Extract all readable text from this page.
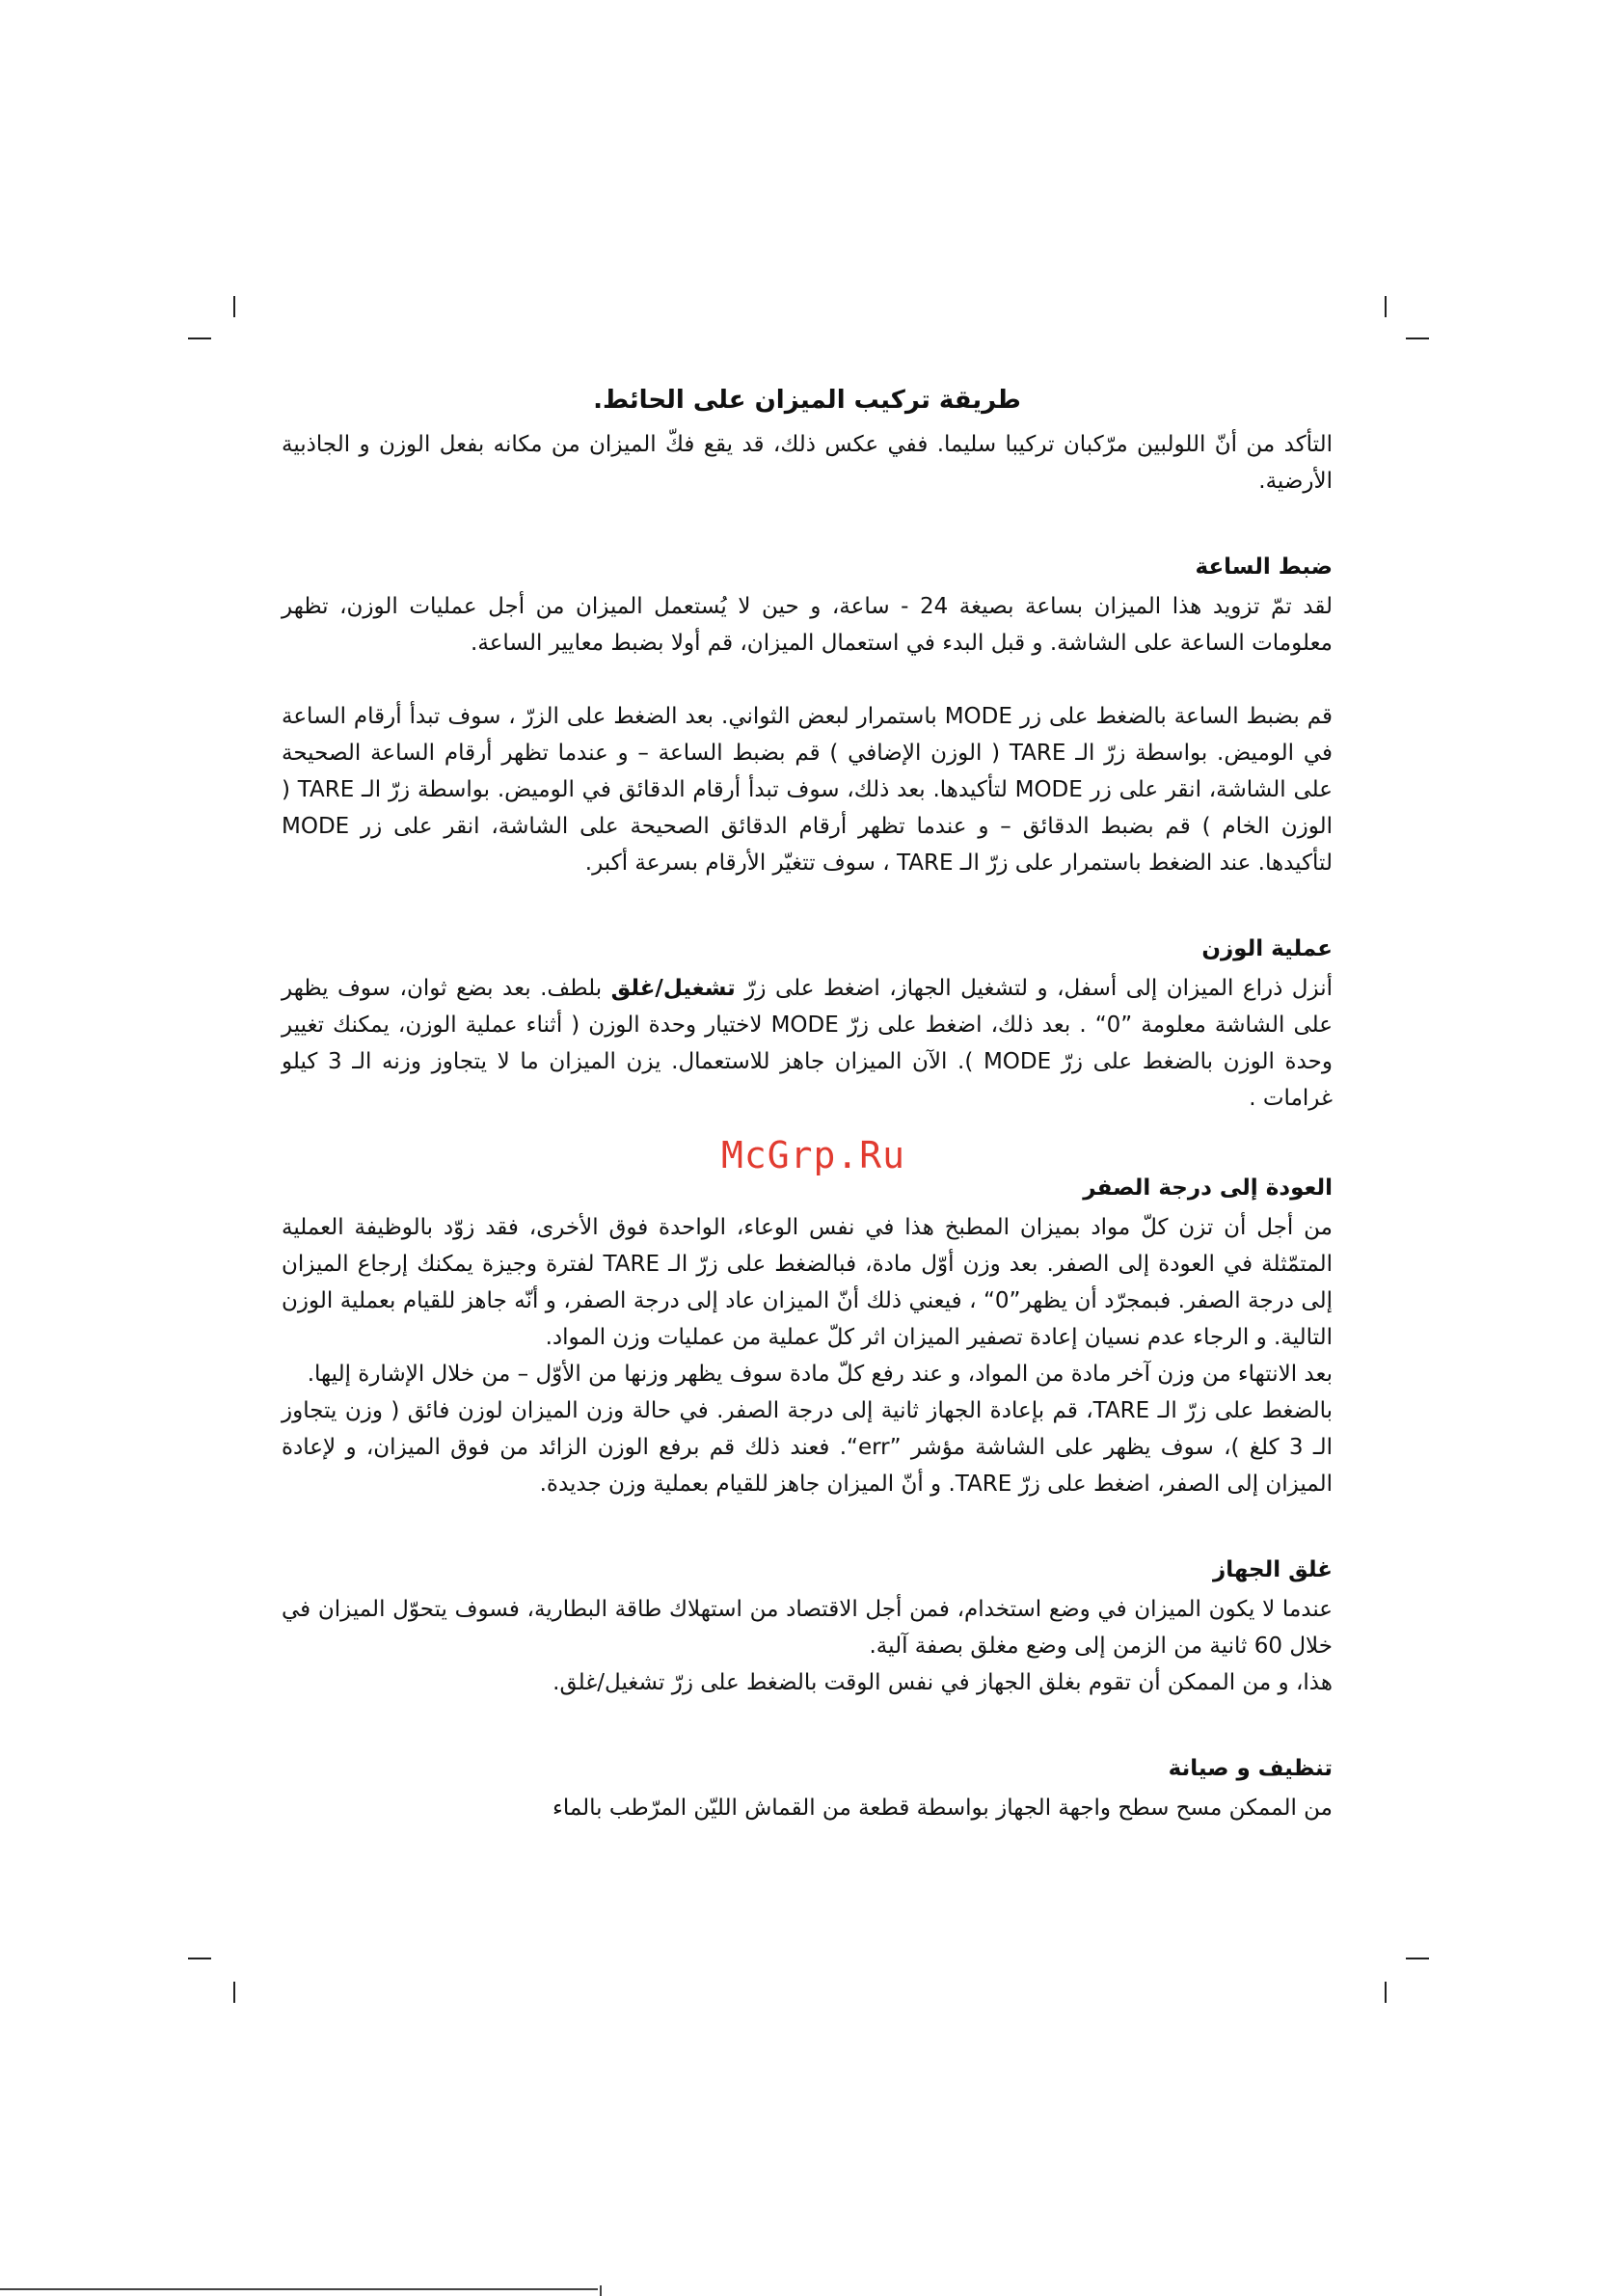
طريقة تركيب الميزان على الحائط.

التأكد من أنّ اللولبين مرّكبان تركيبا سليما. ففي عكس ذلك، قد يقع فكّ الميزان من مكانه بفعل الوزن و الجاذبية الأرضية.

ضبط الساعة

لقد تمّ تزويد هذا الميزان بساعة بصيغة 24 - ساعة، و حين لا يُستعمل الميزان من أجل عمليات الوزن، تظهر معلومات الساعة على الشاشة. و قبل البدء في استعمال الميزان، قم أولا بضبط معايير الساعة.

قم بضبط الساعة بالضغط على زر MODE باستمرار لبعض الثواني. بعد الضغط على الزرّ ، سوف تبدأ أرقام الساعة في الوميض. بواسطة زرّ الـ TARE ( الوزن الإضافي ) قم بضبط الساعة – و عندما تظهر أرقام الساعة الصحيحة على الشاشة، انقر على زر MODE لتأكيدها. بعد ذلك، سوف تبدأ أرقام الدقائق في الوميض. بواسطة زرّ الـ TARE ( الوزن الخام ) قم بضبط الدقائق – و عندما تظهر أرقام الدقائق الصحيحة على الشاشة، انقر على زر MODE لتأكيدها. عند الضغط باستمرار على زرّ الـ TARE ، سوف تتغيّر الأرقام بسرعة أكبر.

عملية الوزن

أنزل ذراع الميزان إلى أسفل، و لتشغيل الجهاز، اضغط على زرّ تشغيل/غلق بلطف. بعد بضع ثوان، سوف يظهر على الشاشة معلومة ”0“ . بعد ذلك، اضغط على زرّ MODE لاختيار وحدة الوزن ( أثناء عملية الوزن، يمكنك تغيير وحدة الوزن بالضغط على زرّ MODE ). الآن الميزان جاهز للاستعمال. يزن الميزان ما لا يتجاوز وزنه الـ 3 كيلو غرامات .

العودة إلى درجة الصفر

من أجل أن تزن كلّ مواد بميزان المطبخ هذا في نفس الوعاء، الواحدة فوق الأخرى، فقد زوّد بالوظيفة العملية المتمّثلة في العودة إلى الصفر. بعد وزن أوّل مادة، فبالضغط على زرّ الـ TARE لفترة وجيزة يمكنك إرجاع الميزان إلى درجة الصفر. فبمجرّد أن يظهر”0“ ، فيعني ذلك أنّ الميزان عاد إلى درجة الصفر، و أنّه جاهز للقيام بعملية الوزن التالية. و الرجاء عدم نسيان إعادة تصفير الميزان اثر كلّ عملية من عمليات وزن المواد.

بعد الانتهاء من وزن آخر مادة من المواد، و عند رفع كلّ مادة سوف يظهر وزنها من الأوّل – من خلال الإشارة إليها.

بالضغط على زرّ الـ TARE، قم بإعادة الجهاز ثانية إلى درجة الصفر. في حالة وزن الميزان لوزن فائق ( وزن يتجاوز الـ 3 كلغ )، سوف يظهر على الشاشة مؤشر ”err“. فعند ذلك قم برفع الوزن الزائد من فوق الميزان، و لإعادة الميزان إلى الصفر، اضغط على زرّ TARE. و أنّ الميزان جاهز للقيام بعملية وزن جديدة.

غلق الجهاز

عندما لا يكون الميزان في وضع استخدام، فمن أجل الاقتصاد من استهلاك طاقة البطارية، فسوف يتحوّل الميزان في خلال 60 ثانية من الزمن إلى وضع مغلق بصفة آلية.

هذا، و من الممكن أن تقوم بغلق الجهاز في نفس الوقت بالضغط على زرّ تشغيل/غلق.

تنظيف و صيانة

من الممكن مسح سطح واجهة الجهاز بواسطة قطعة من القماش الليّن المرّطب بالماء

McGrp.Ru
